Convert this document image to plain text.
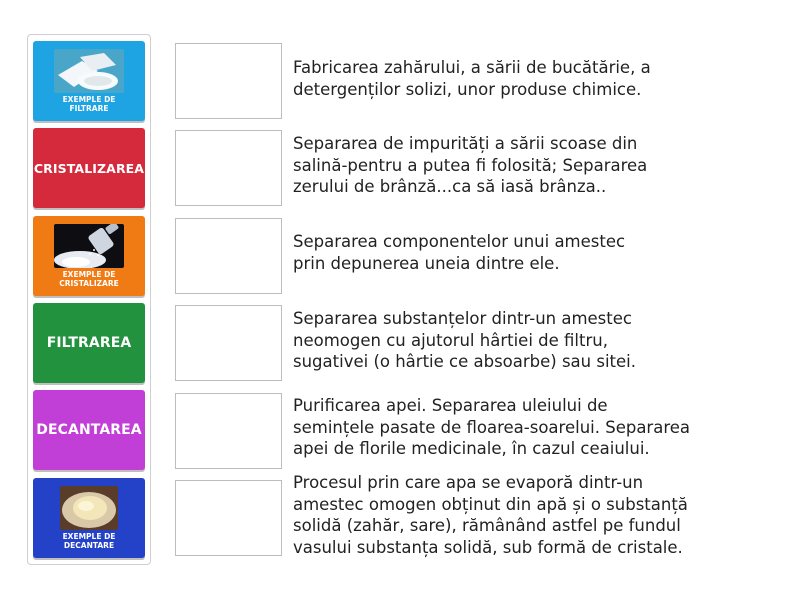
EXEMPLE DE
FILTRARE
CRISTALIZAREA
EXEMPLE DE
CRISTALIZARE
FILTRAREA
DECANTAREA
EXEMPLE DE
DECANTARE
Fabricarea zahărului, a sării de bucătărie, a
detergenților solizi, unor produse chimice.
Separarea de impurități a sării scoase din
salină-pentru a putea fi folosită; Separarea
zerului de brânză...ca să iasă brânza..
Separarea componentelor unui amestec
prin depunerea uneia dintre ele.
Separarea substanțelor dintr-un amestec
neomogen cu ajutorul hârtiei de filtru,
sugativei (o hârtie ce absoarbe) sau sitei.
Purificarea apei. Separarea uleiului de
semințele pasate de floarea-soarelui. Separarea
apei de florile medicinale, în cazul ceaiului.
Procesul prin care apa se evaporă dintr-un
amestec omogen obținut din apă și o substanță
solidă (zahăr, sare), rămânând astfel pe fundul
vasului substanța solidă, sub formă de cristale.
